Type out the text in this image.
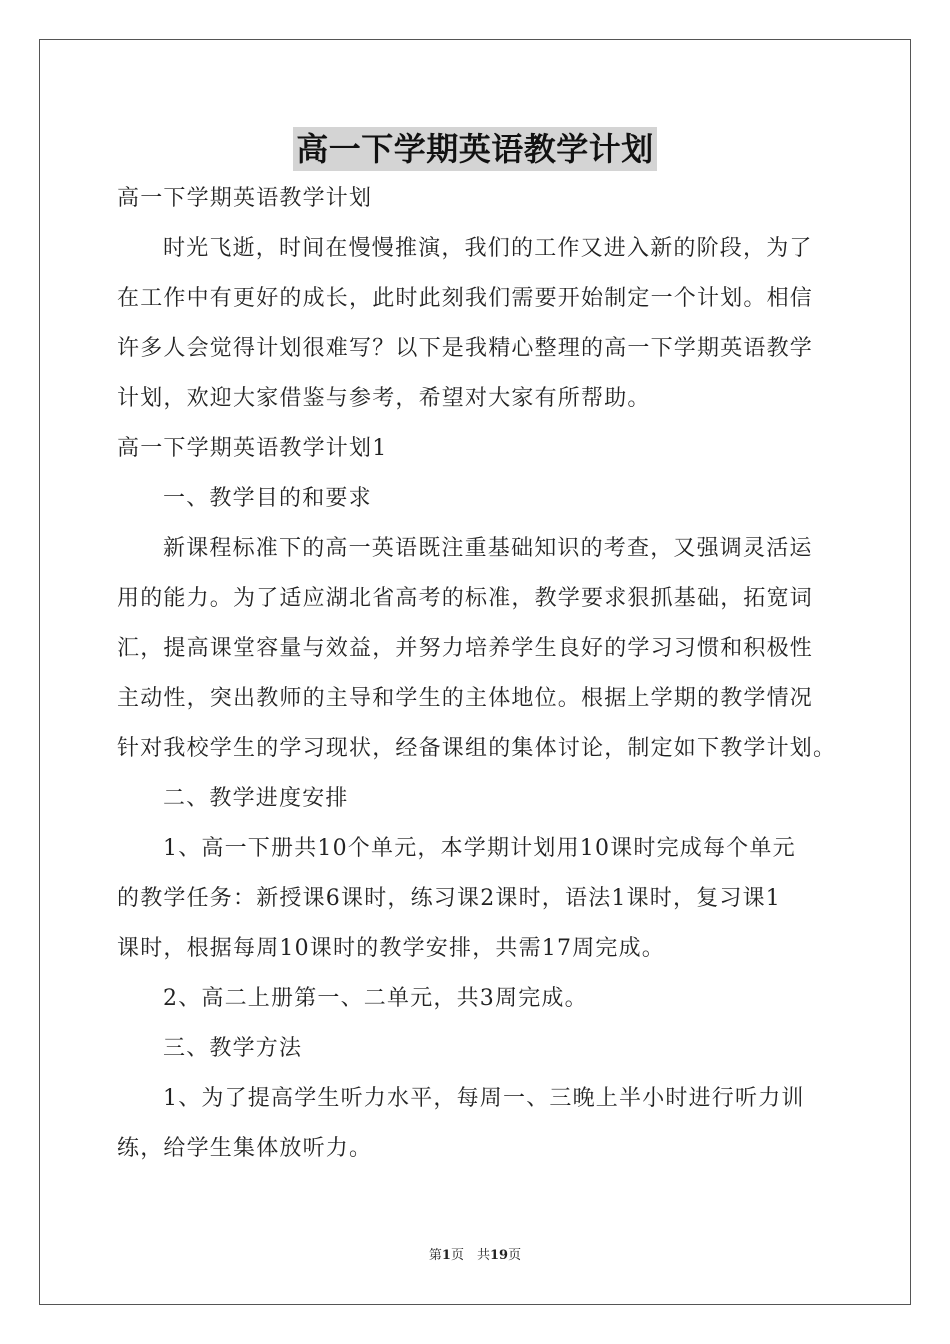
高一下学期英语教学计划
高一下学期英语教学计划
时光飞逝，时间在慢慢推演，我们的工作又进入新的阶段，为了
在工作中有更好的成长，此时此刻我们需要开始制定一个计划。相信
许多人会觉得计划很难写？以下是我精心整理的高一下学期英语教学
计划，欢迎大家借鉴与参考，希望对大家有所帮助。
高一下学期英语教学计划1
一、教学目的和要求
新课程标准下的高一英语既注重基础知识的考查，又强调灵活运
用的能力。为了适应湖北省高考的标准，教学要求狠抓基础，拓宽词
汇，提高课堂容量与效益，并努力培养学生良好的学习习惯和积极性
主动性，突出教师的主导和学生的主体地位。根据上学期的教学情况
针对我校学生的学习现状，经备课组的集体讨论，制定如下教学计划。
二、教学进度安排
1、高一下册共10个单元，本学期计划用10课时完成每个单元
的教学任务：新授课6课时，练习课2课时，语法1课时，复习课1
课时，根据每周10课时的教学安排，共需17周完成。
2、高二上册第一、二单元，共3周完成。
三、教学方法
1、为了提高学生听力水平，每周一、三晚上半小时进行听力训
练，给学生集体放听力。
第1页　共19页
